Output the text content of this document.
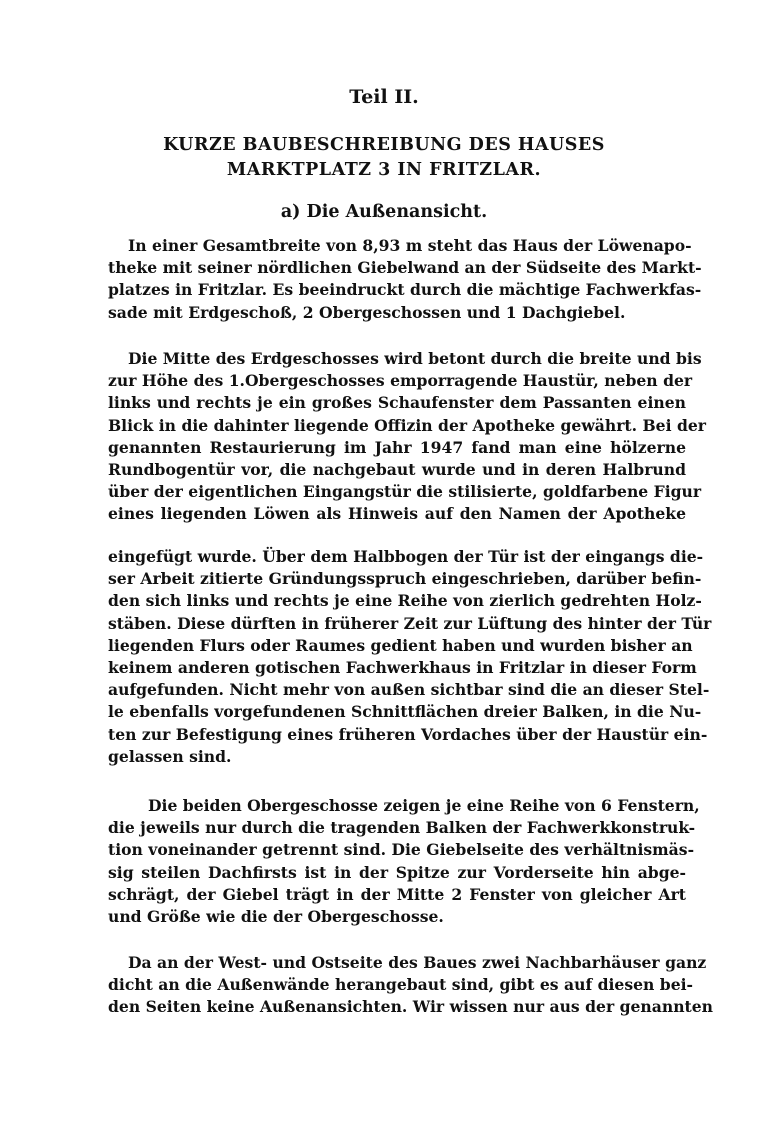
Teil II.
KURZE BAUBESCHREIBUNG DES HAUSES
MARKTPLATZ 3 IN FRITZLAR.
a) Die Außenansicht.
In einer Gesamtbreite von 8,93 m steht das Haus der Löwenapo-
theke mit seiner nördlichen Giebelwand an der Südseite des Markt-
platzes in Fritzlar. Es beeindruckt durch die mächtige Fachwerkfas-
sade mit Erdgeschoß, 2 Obergeschossen und 1 Dachgiebel.
Die Mitte des Erdgeschosses wird betont durch die breite und bis
zur Höhe des 1.Obergeschosses emporragende Haustür, neben der
links und rechts je ein großes Schaufenster dem Passanten einen
Blick in die dahinter liegende Offizin der Apotheke gewährt. Bei der
genannten Restaurierung im Jahr 1947 fand man eine hölzerne
Rundbogentür vor, die nachgebaut wurde und in deren Halbrund
über der eigentlichen Eingangstür die stilisierte, goldfarbene Figur
eines liegenden Löwen als Hinweis auf den Namen der Apotheke
eingefügt wurde. Über dem Halbbogen der Tür ist der eingangs die-
ser Arbeit zitierte Gründungsspruch eingeschrieben, darüber befin-
den sich links und rechts je eine Reihe von zierlich gedrehten Holz-
stäben. Diese dürften in früherer Zeit zur Lüftung des hinter der Tür
liegenden Flurs oder Raumes gedient haben und wurden bisher an
keinem anderen gotischen Fachwerkhaus in Fritzlar in dieser Form
aufgefunden. Nicht mehr von außen sichtbar sind die an dieser Stel-
le ebenfalls vorgefundenen Schnittflächen dreier Balken, in die Nu-
ten zur Befestigung eines früheren Vordaches über der Haustür ein-
gelassen sind.
Die beiden Obergeschosse zeigen je eine Reihe von 6 Fenstern,
die jeweils nur durch die tragenden Balken der Fachwerkkonstruk-
tion voneinander getrennt sind. Die Giebelseite des verhältnismäs-
sig steilen Dachfirsts ist in der Spitze zur Vorderseite hin abge-
schrägt, der Giebel trägt in der Mitte 2 Fenster von gleicher Art
und Größe wie die der Obergeschosse.
Da an der West- und Ostseite des Baues zwei Nachbarhäuser ganz
dicht an die Außenwände herangebaut sind, gibt es auf diesen bei-
den Seiten keine Außenansichten. Wir wissen nur aus der genannten
